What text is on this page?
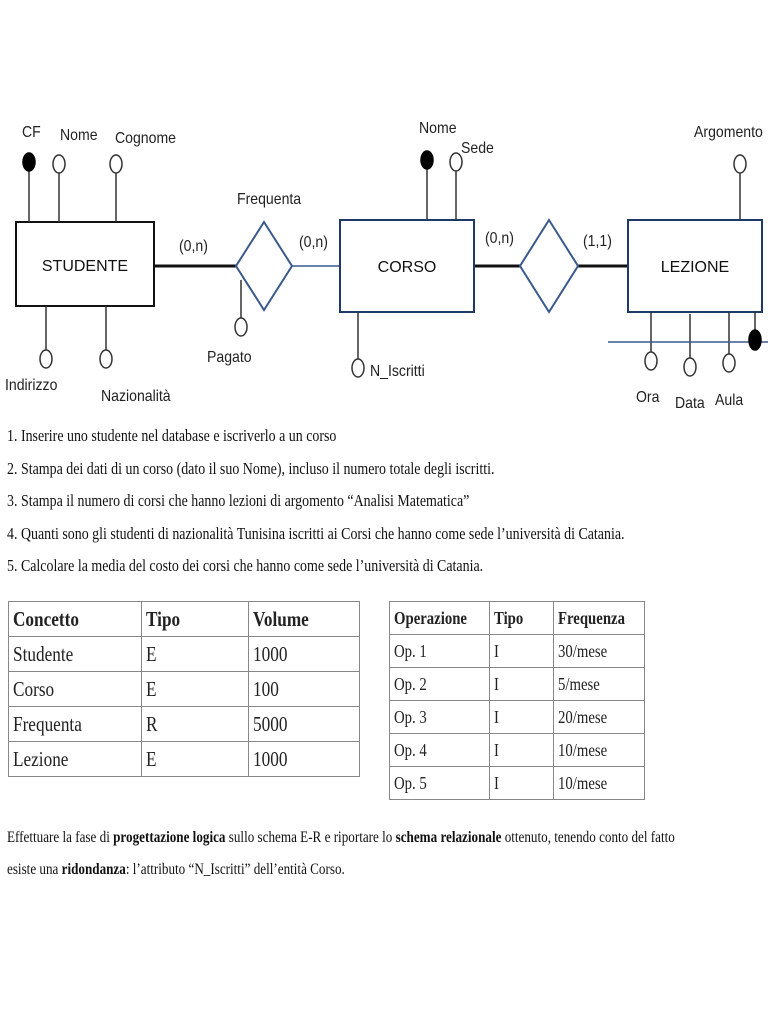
STUDENTE	CORSO	LEZIONE
Frequenta
(0,n)	(0,n)	(0,n)	(1,1)
CF Nome Cognome
Indirizzo
Nazionalità
Pagato
Nome
Sede
N_Iscritti
Argomento
Ora Data Aula
1. Inserire uno studente nel database e iscriverlo a un corso
2. Stampa dei dati di un corso (dato il suo Nome), incluso il numero totale degli iscritti.
3. Stampa il numero di corsi che hanno lezioni di argomento “Analisi Matematica”
4. Quanti sono gli studenti di nazionalità Tunisina iscritti ai Corsi che hanno come sede l’università di Catania.
5. Calcolare la media del costo dei corsi che hanno come sede l’università di Catania.
Concetto	Tipo	Volume
Studente	E	1000
Corso	E	100
Frequenta	R	5000
Lezione	E	1000
Operazione	Tipo	Frequenza
Op. 1	I	30/mese
Op. 2	I	5/mese
Op. 3	I	20/mese
Op. 4	I	10/mese
Op. 5	I	10/mese
Effettuare la fase di progettazione logica sullo schema E-R e riportare lo schema relazionale ottenuto, tenendo conto del fatto
esiste una ridondanza: l’attributo “N_Iscritti” dell’entità Corso.
